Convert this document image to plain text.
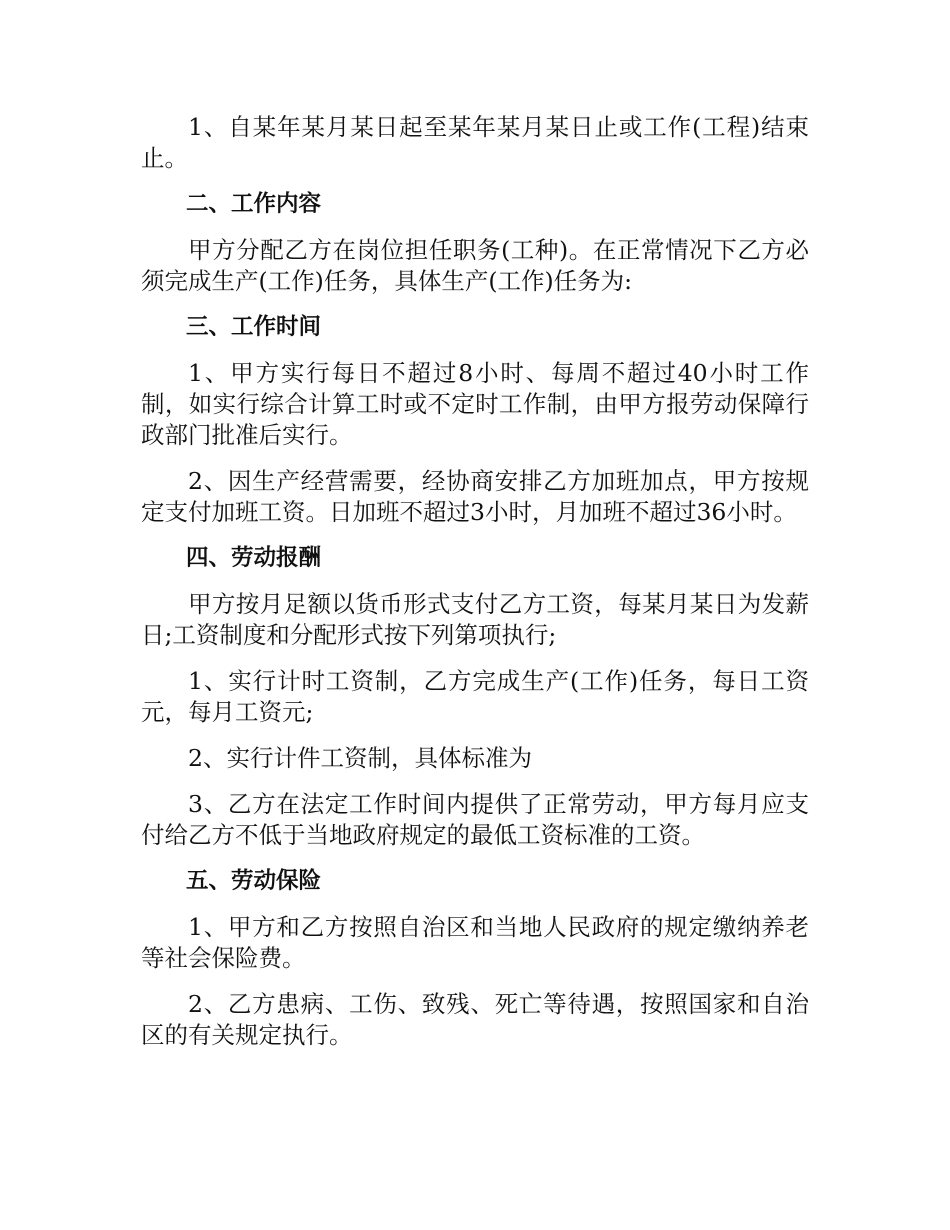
1、自某年某月某日起至某年某月某日止或工作(工程)结束止。

二、工作内容

甲方分配乙方在岗位担任职务(工种)。在正常情况下乙方必须完成生产(工作)任务，具体生产(工作)任务为:

三、工作时间

1、甲方实行每日不超过8小时、每周不超过40小时工作制，如实行综合计算工时或不定时工作制，由甲方报劳动保障行政部门批准后实行。

2、因生产经营需要，经协商安排乙方加班加点，甲方按规定支付加班工资。日加班不超过3小时，月加班不超过36小时。

四、劳动报酬

甲方按月足额以货币形式支付乙方工资，每某月某日为发薪日;工资制度和分配形式按下列第项执行;

1、实行计时工资制，乙方完成生产(工作)任务，每日工资元，每月工资元;

2、实行计件工资制，具体标准为

3、乙方在法定工作时间内提供了正常劳动，甲方每月应支付给乙方不低于当地政府规定的最低工资标准的工资。

五、劳动保险

1、甲方和乙方按照自治区和当地人民政府的规定缴纳养老等社会保险费。

2、乙方患病、工伤、致残、死亡等待遇，按照国家和自治区的有关规定执行。
